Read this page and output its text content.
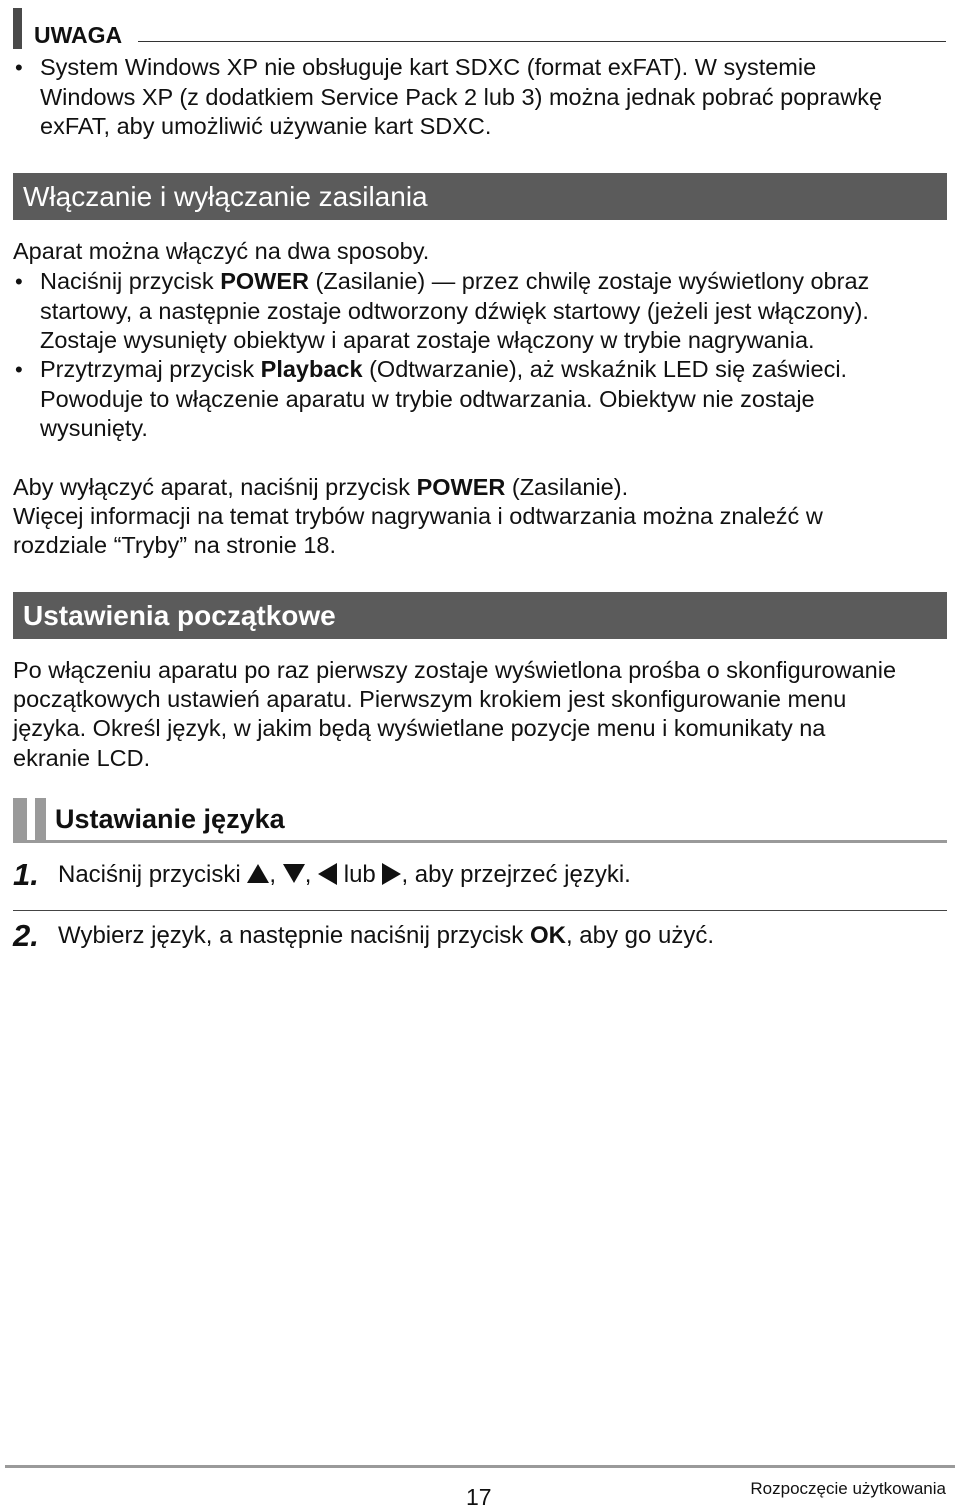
UWAGA
• System Windows XP nie obsługuje kart SDXC (format exFAT). W systemie

Windows XP (z dodatkiem Service Pack 2 lub 3) można jednak pobrać poprawkę

exFAT, aby umożliwić używanie kart SDXC.

Włączanie i wyłączanie zasilania

Aparat można włączyć na dwa sposoby.

• Naciśnij przycisk POWER (Zasilanie) — przez chwilę zostaje wyświetlony obraz

startowy, a następnie zostaje odtworzony dźwięk startowy (jeżeli jest włączony).

Zostaje wysunięty obiektyw i aparat zostaje włączony w trybie nagrywania.

• Przytrzymaj przycisk Playback (Odtwarzanie), aż wskaźnik LED się zaświeci.

Powoduje to włączenie aparatu w trybie odtwarzania. Obiektyw nie zostaje

wysunięty.

Aby wyłączyć aparat, naciśnij przycisk POWER (Zasilanie).

Więcej informacji na temat trybów nagrywania i odtwarzania można znaleźć w

rozdziale “Tryby” na stronie 18.

Ustawienia początkowe

Po włączeniu aparatu po raz pierwszy zostaje wyświetlona prośba o skonfigurowanie

początkowych ustawień aparatu. Pierwszym krokiem jest skonfigurowanie menu

języka. Określ język, w jakim będą wyświetlane pozycje menu i komunikaty na

ekranie LCD.

Ustawianie języka
1. Naciśnij przyciski , ,  lub , aby przejrzeć języki.
2. Wybierz język, a następnie naciśnij przycisk OK, aby go użyć.
17	Rozpoczęcie użytkowania
